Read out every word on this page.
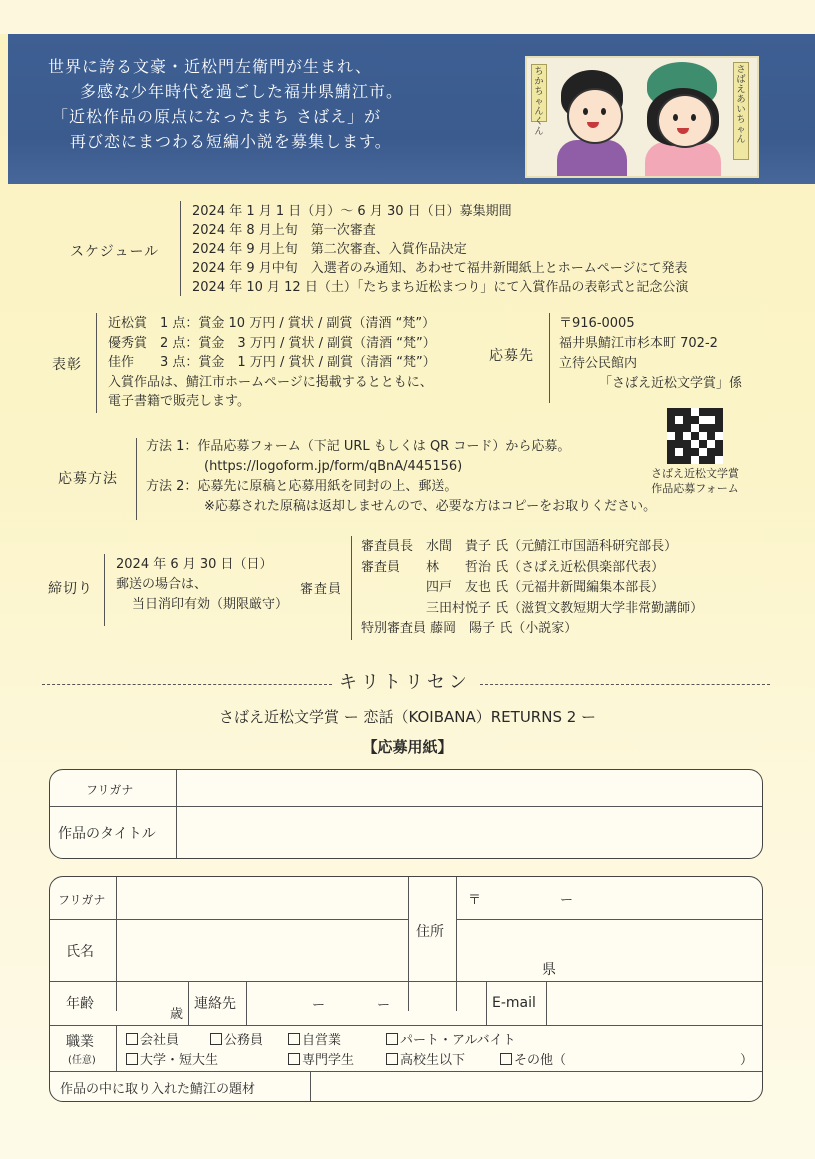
世界に誇る文豪・近松門左衛門が生まれ、
多感な少年時代を過ごした福井県鯖江市。
「近松作品の原点になったまち さばえ」が
再び恋にまつわる短編小説を募集します。
ちかちゃんくん
さばえあいちゃん
スケジュール
2024 年 1 月 1 日（月）～ 6 月 30 日（日）募集期間
2024 年 8 月上旬　第一次審査
2024 年 9 月上旬　第二次審査、入賞作品決定
2024 年 9 月中旬　入選者のみ通知、あわせて福井新聞紙上とホームページにて発表
2024 年 10 月 12 日（土）「たちまち近松まつり」にて入賞作品の表彰式と記念公演
表彰
近松賞　1 点：賞金 10 万円 / 賞状 / 副賞（清酒 “梵”）
優秀賞　2 点：賞金　3 万円 / 賞状 / 副賞（清酒 “梵”）
佳作　　3 点：賞金　1 万円 / 賞状 / 副賞（清酒 “梵”）
入賞作品は、鯖江市ホームページに掲載するとともに、
電子書籍で販売します。
応募先
〒916-0005
福井県鯖江市杉本町 702-2
立待公民館内
「さばえ近松文学賞」係
応募方法
方法 1：作品応募フォーム（下記 URL もしくは QR コード）から応募。
(https://logoform.jp/form/qBnA/445156)
方法 2：応募先に原稿と応募用紙を同封の上、郵送。
※応募された原稿は返却しませんので、必要な方はコピーをお取りください。
さばえ近松文学賞
作品応募フォーム
締切り
2024 年 6 月 30 日（日）
郵送の場合は、
当日消印有効（期限厳守）
審査員
審査員長　水間　貴子 氏（元鯖江市国語科研究部長）
審査員　　林　　哲治 氏（さばえ近松倶楽部代表）
　　　　　四戸　友也 氏（元福井新聞編集本部長）
　　　　　三田村悦子 氏（滋賀文教短期大学非常勤講師）
特別審査員 藤岡　陽子 氏（小説家）
キリトリセン
さばえ近松文学賞 ー 恋話（KOIBANA）RETURNS 2 ー
【応募用紙】
フリガナ
作品のタイトル
フリガナ
氏名
住所
〒	ー
県
年齢
歳
連絡先	ー　　　　ー	E-mail
職業
(任意)
会社員	公務員	自営業	パート・アルバイト
大学・短大生	専門学生	高校生以下	その他（	）
作品の中に取り入れた鯖江の題材
